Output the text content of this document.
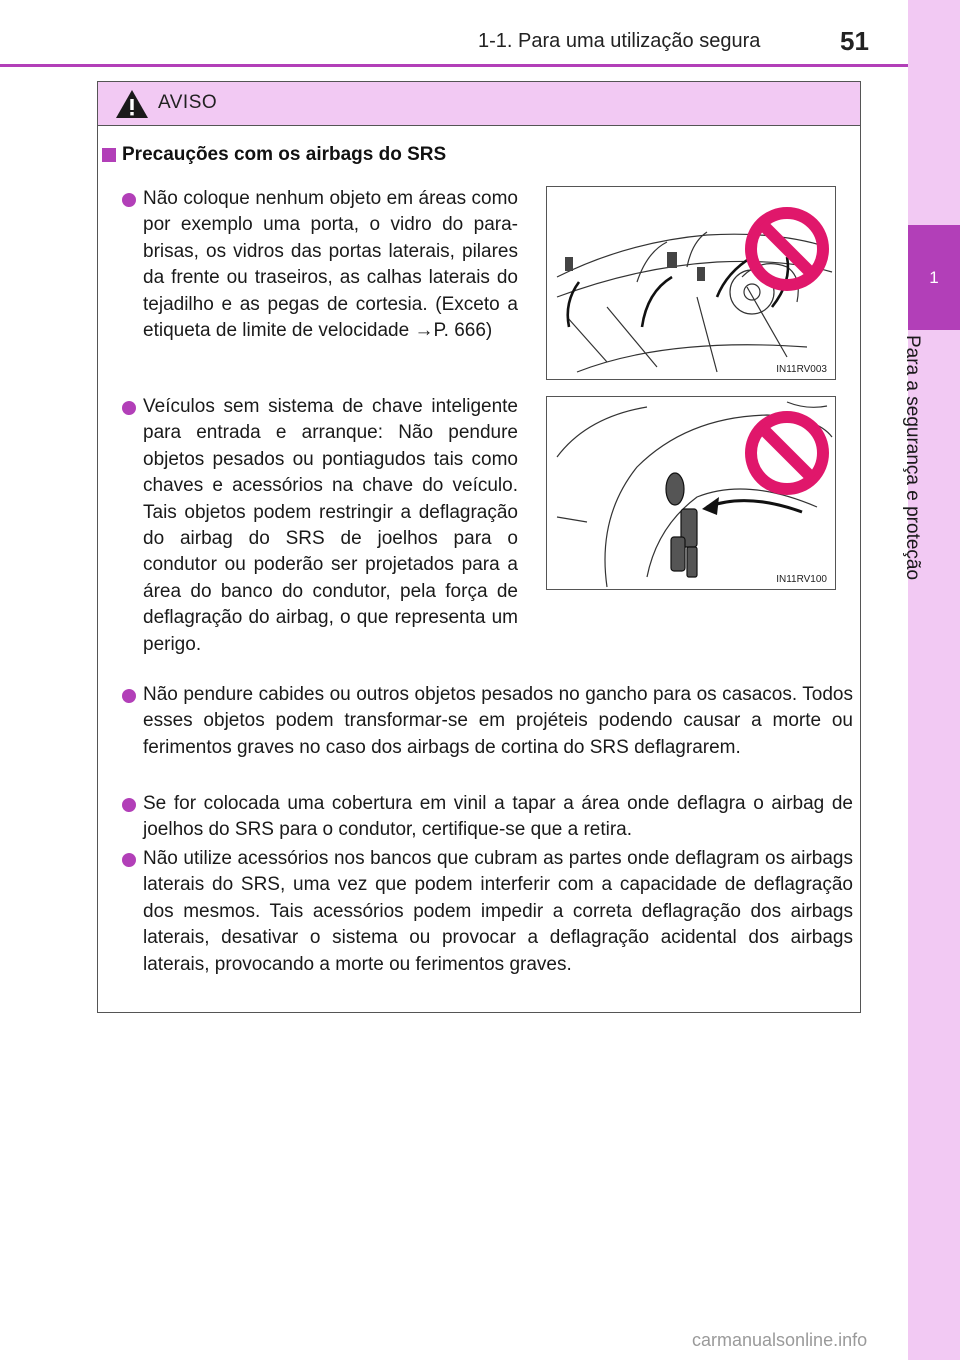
1-1. Para uma utilização segura	51
1
Para a segurança e proteção
AVISO
Precauções com os airbags do SRS
Não coloque nenhum objeto em áreas como por exemplo uma porta, o vidro do para-brisas, os vidros das portas laterais, pilares da frente ou traseiros, as calhas laterais do tejadilho e as pegas de cortesia. (Exceto a etiqueta de limite de velocidade →P. 666)
IN11RV003
Veículos sem sistema de chave inteligente para entrada e arranque: Não pendure objetos pesados ou pontiagudos tais como chaves e acessórios na chave do veículo. Tais objetos podem restringir a deflagração do airbag do SRS de joelhos para o condutor ou poderão ser projetados para a área do banco do condutor, pela força de deflagração do airbag, o que representa um perigo.
IN11RV100
Não pendure cabides ou outros objetos pesados no gancho para os casacos. Todos esses objetos podem transformar-se em projéteis podendo causar a morte ou ferimentos graves no caso dos airbags de cortina do SRS deflagrarem.
Se for colocada uma cobertura em vinil a tapar a área onde deflagra o airbag de joelhos do SRS para o condutor, certifique-se que a retira.
Não utilize acessórios nos bancos que cubram as partes onde deflagram os airbags laterais do SRS, uma vez que podem interferir com a capacidade de deflagração dos mesmos. Tais acessórios podem impedir a correta deflagração dos airbags laterais, desativar o sistema ou provocar a deflagração acidental dos airbags laterais, provocando a morte ou ferimentos graves.
carmanualsonline.info
